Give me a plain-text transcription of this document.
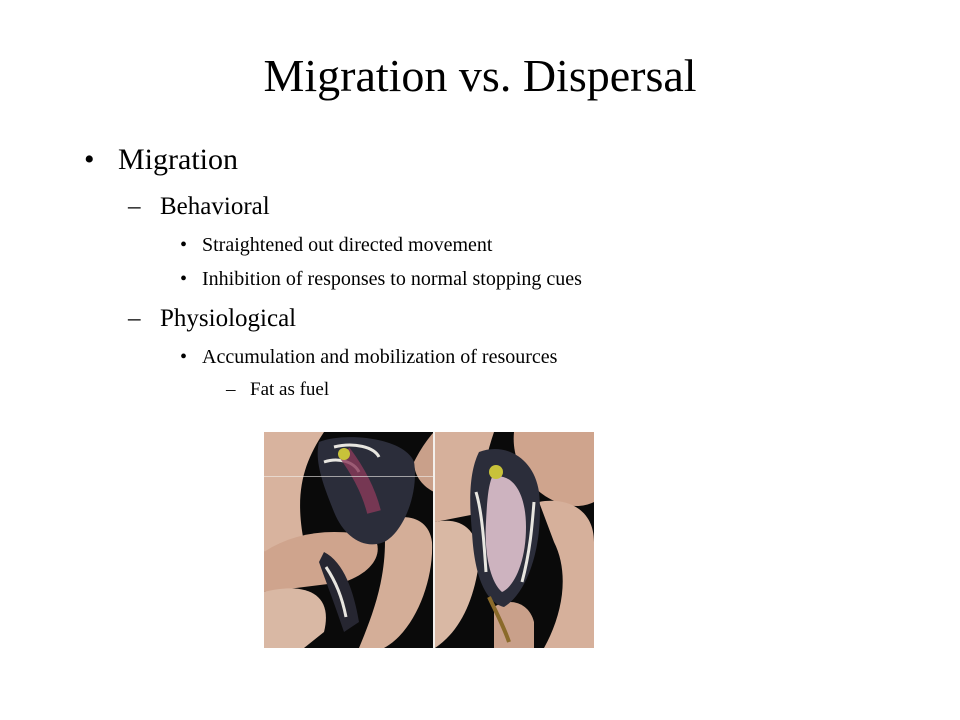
Migration vs. Dispersal
• Migration
– Behavioral
• Straightened out directed movement
• Inhibition of responses to normal stopping cues
– Physiological
• Accumulation and mobilization of resources
– Fat as fuel
